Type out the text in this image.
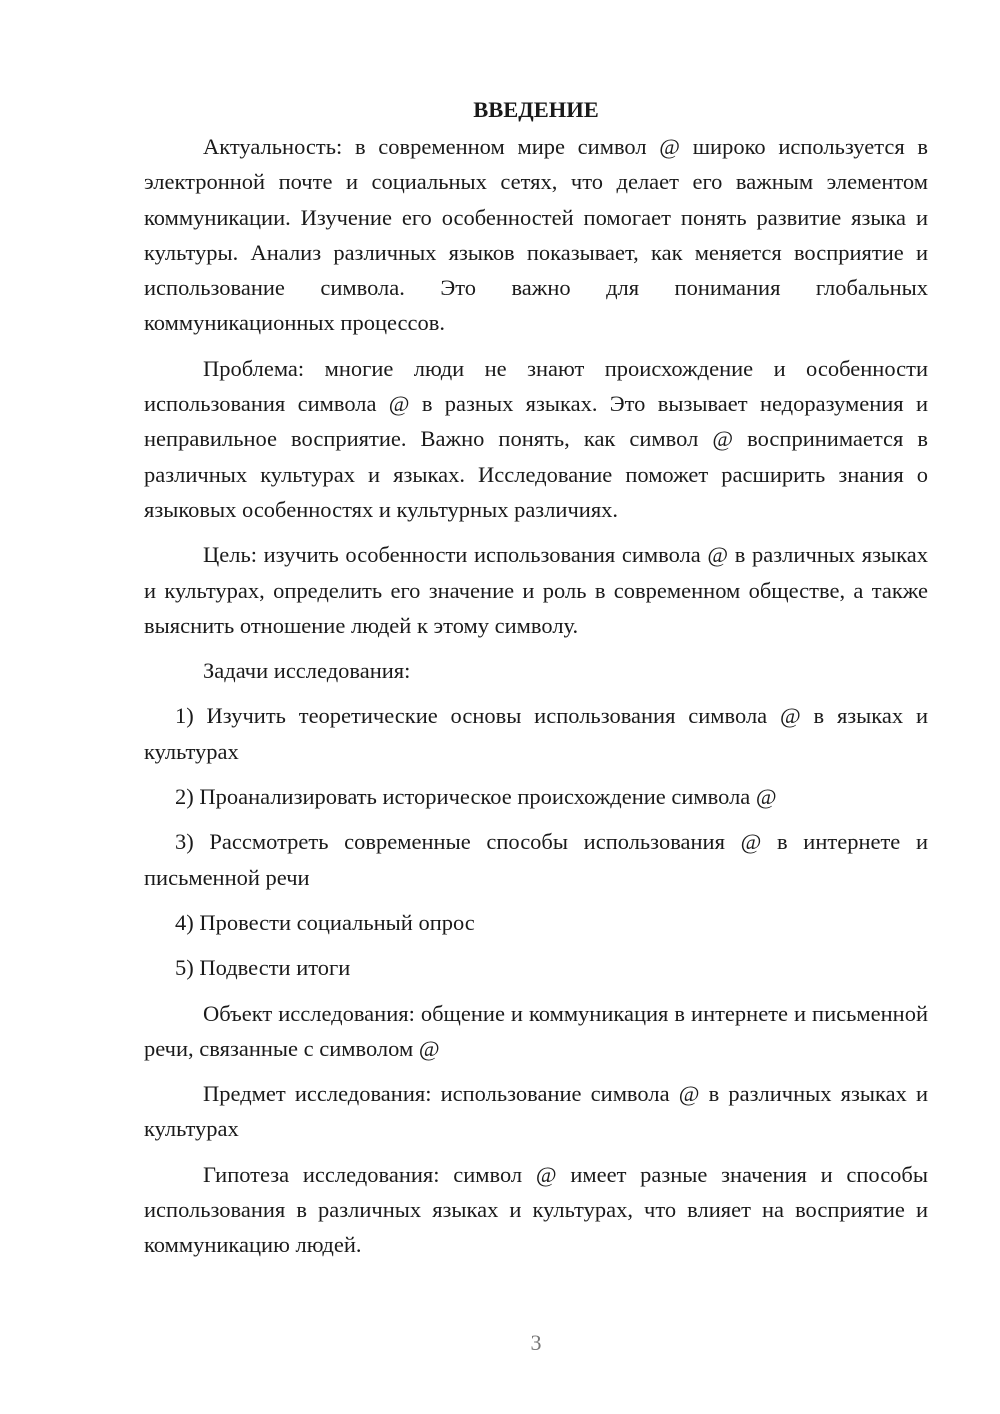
ВВЕДЕНИЕ

Актуальность: в современном мире символ @ широко используется в электронной почте и социальных сетях, что делает его важным элементом коммуникации. Изучение его особенностей помогает понять развитие языка и культуры. Анализ различных языков показывает, как меняется восприятие и использование символа. Это важно для понимания глобальных коммуникационных процессов.

Проблема: многие люди не знают происхождение и особенности использования символа @ в разных языках. Это вызывает недоразумения и неправильное восприятие. Важно понять, как символ @ воспринимается в различных культурах и языках. Исследование поможет расширить знания о языковых особенностях и культурных различиях.

Цель: изучить особенности использования символа @ в различных языках и культурах, определить его значение и роль в современном обществе, а также выяснить отношение людей к этому символу.

Задачи исследования:

1) Изучить теоретические основы использования символа @ в языках и культурах

2) Проанализировать историческое происхождение символа @

3) Рассмотреть современные способы использования @ в интернете и письменной речи

4) Провести социальный опрос

5) Подвести итоги

Объект исследования: общение и коммуникация в интернете и письменной речи, связанные с символом @

Предмет исследования: использование символа @ в различных языках и культурах

Гипотеза исследования: символ @ имеет разные значения и способы использования в различных языках и культурах, что влияет на восприятие и коммуникацию людей.

3
